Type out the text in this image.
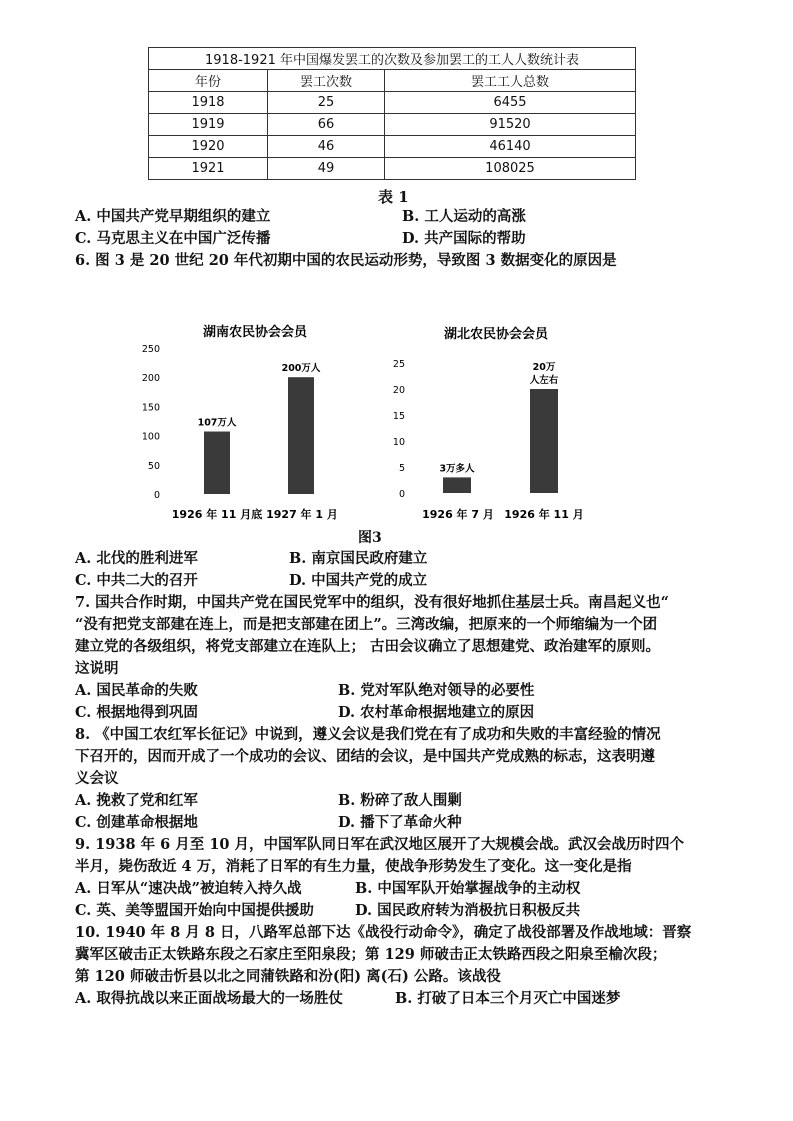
1918-1921 年中国爆发罢工的次数及参加罢工的工人人数统计表		
年份	罢工次数	罢工工人总数
1918	25	6455
1919	66	91520
1920	46	46140
1921	49	108025
表 1
A. 中国共产党早期组织的建立	B. 工人运动的高涨
C. 马克思主义在中国广泛传播	D. 共产国际的帮助
6. 图 3 是 20 世纪 20 年代初期中国的农民运动形势，导致图 3 数据变化的原因是
湖南农民协会会员
0
50
100
150
200
250
107万人
1926 年 11 月底
200万人
1927 年 1 月
湖北农民协会会员
0
5
10
15
20
25
3万多人
1926 年 7 月
20万
人左右
1926 年 11 月
图3
A. 北伐的胜利进军	B. 南京国民政府建立
C. 中共二大的召开	D. 中国共产党的成立
7. 国共合作时期，中国共产党在国民党军中的组织，没有很好地抓住基层士兵。南昌起义也“
“没有把党支部建在连上，而是把支部建在团上”。三湾改编，把原来的一个师缩编为一个团
建立党的各级组织，将党支部建立在连队上； 古田会议确立了思想建党、政治建军的原则。
这说明
A. 国民革命的失败	B. 党对军队绝对领导的必要性
C. 根据地得到巩固	D. 农村革命根据地建立的原因
8. 《中国工农红军长征记》中说到，遵义会议是我们党在有了成功和失败的丰富经验的情况
下召开的，因而开成了一个成功的会议、团结的会议，是中国共产党成熟的标志，这表明遵
义会议
A. 挽救了党和红军	B. 粉碎了敌人围剿
C. 创建革命根据地	D. 播下了革命火种
9. 1938 年 6 月至 10 月，中国军队同日军在武汉地区展开了大规模会战。武汉会战历时四个
半月，毙伤敌近 4 万，消耗了日军的有生力量，使战争形势发生了变化。这一变化是指
A. 日军从“速决战”被迫转入持久战	B. 中国军队开始掌握战争的主动权
C. 英、美等盟国开始向中国提供援助	D. 国民政府转为消极抗日积极反共
10. 1940 年 8 月 8 日，八路军总部下达《战役行动命令》，确定了战役部署及作战地域：晋察
冀军区破击正太铁路东段之石家庄至阳泉段；第 129 师破击正太铁路西段之阳泉至榆次段；
第 120 师破击忻县以北之同蒲铁路和汾(阳) 离(石) 公路。该战役
A. 取得抗战以来正面战场最大的一场胜仗	B. 打破了日本三个月灭亡中国迷梦
